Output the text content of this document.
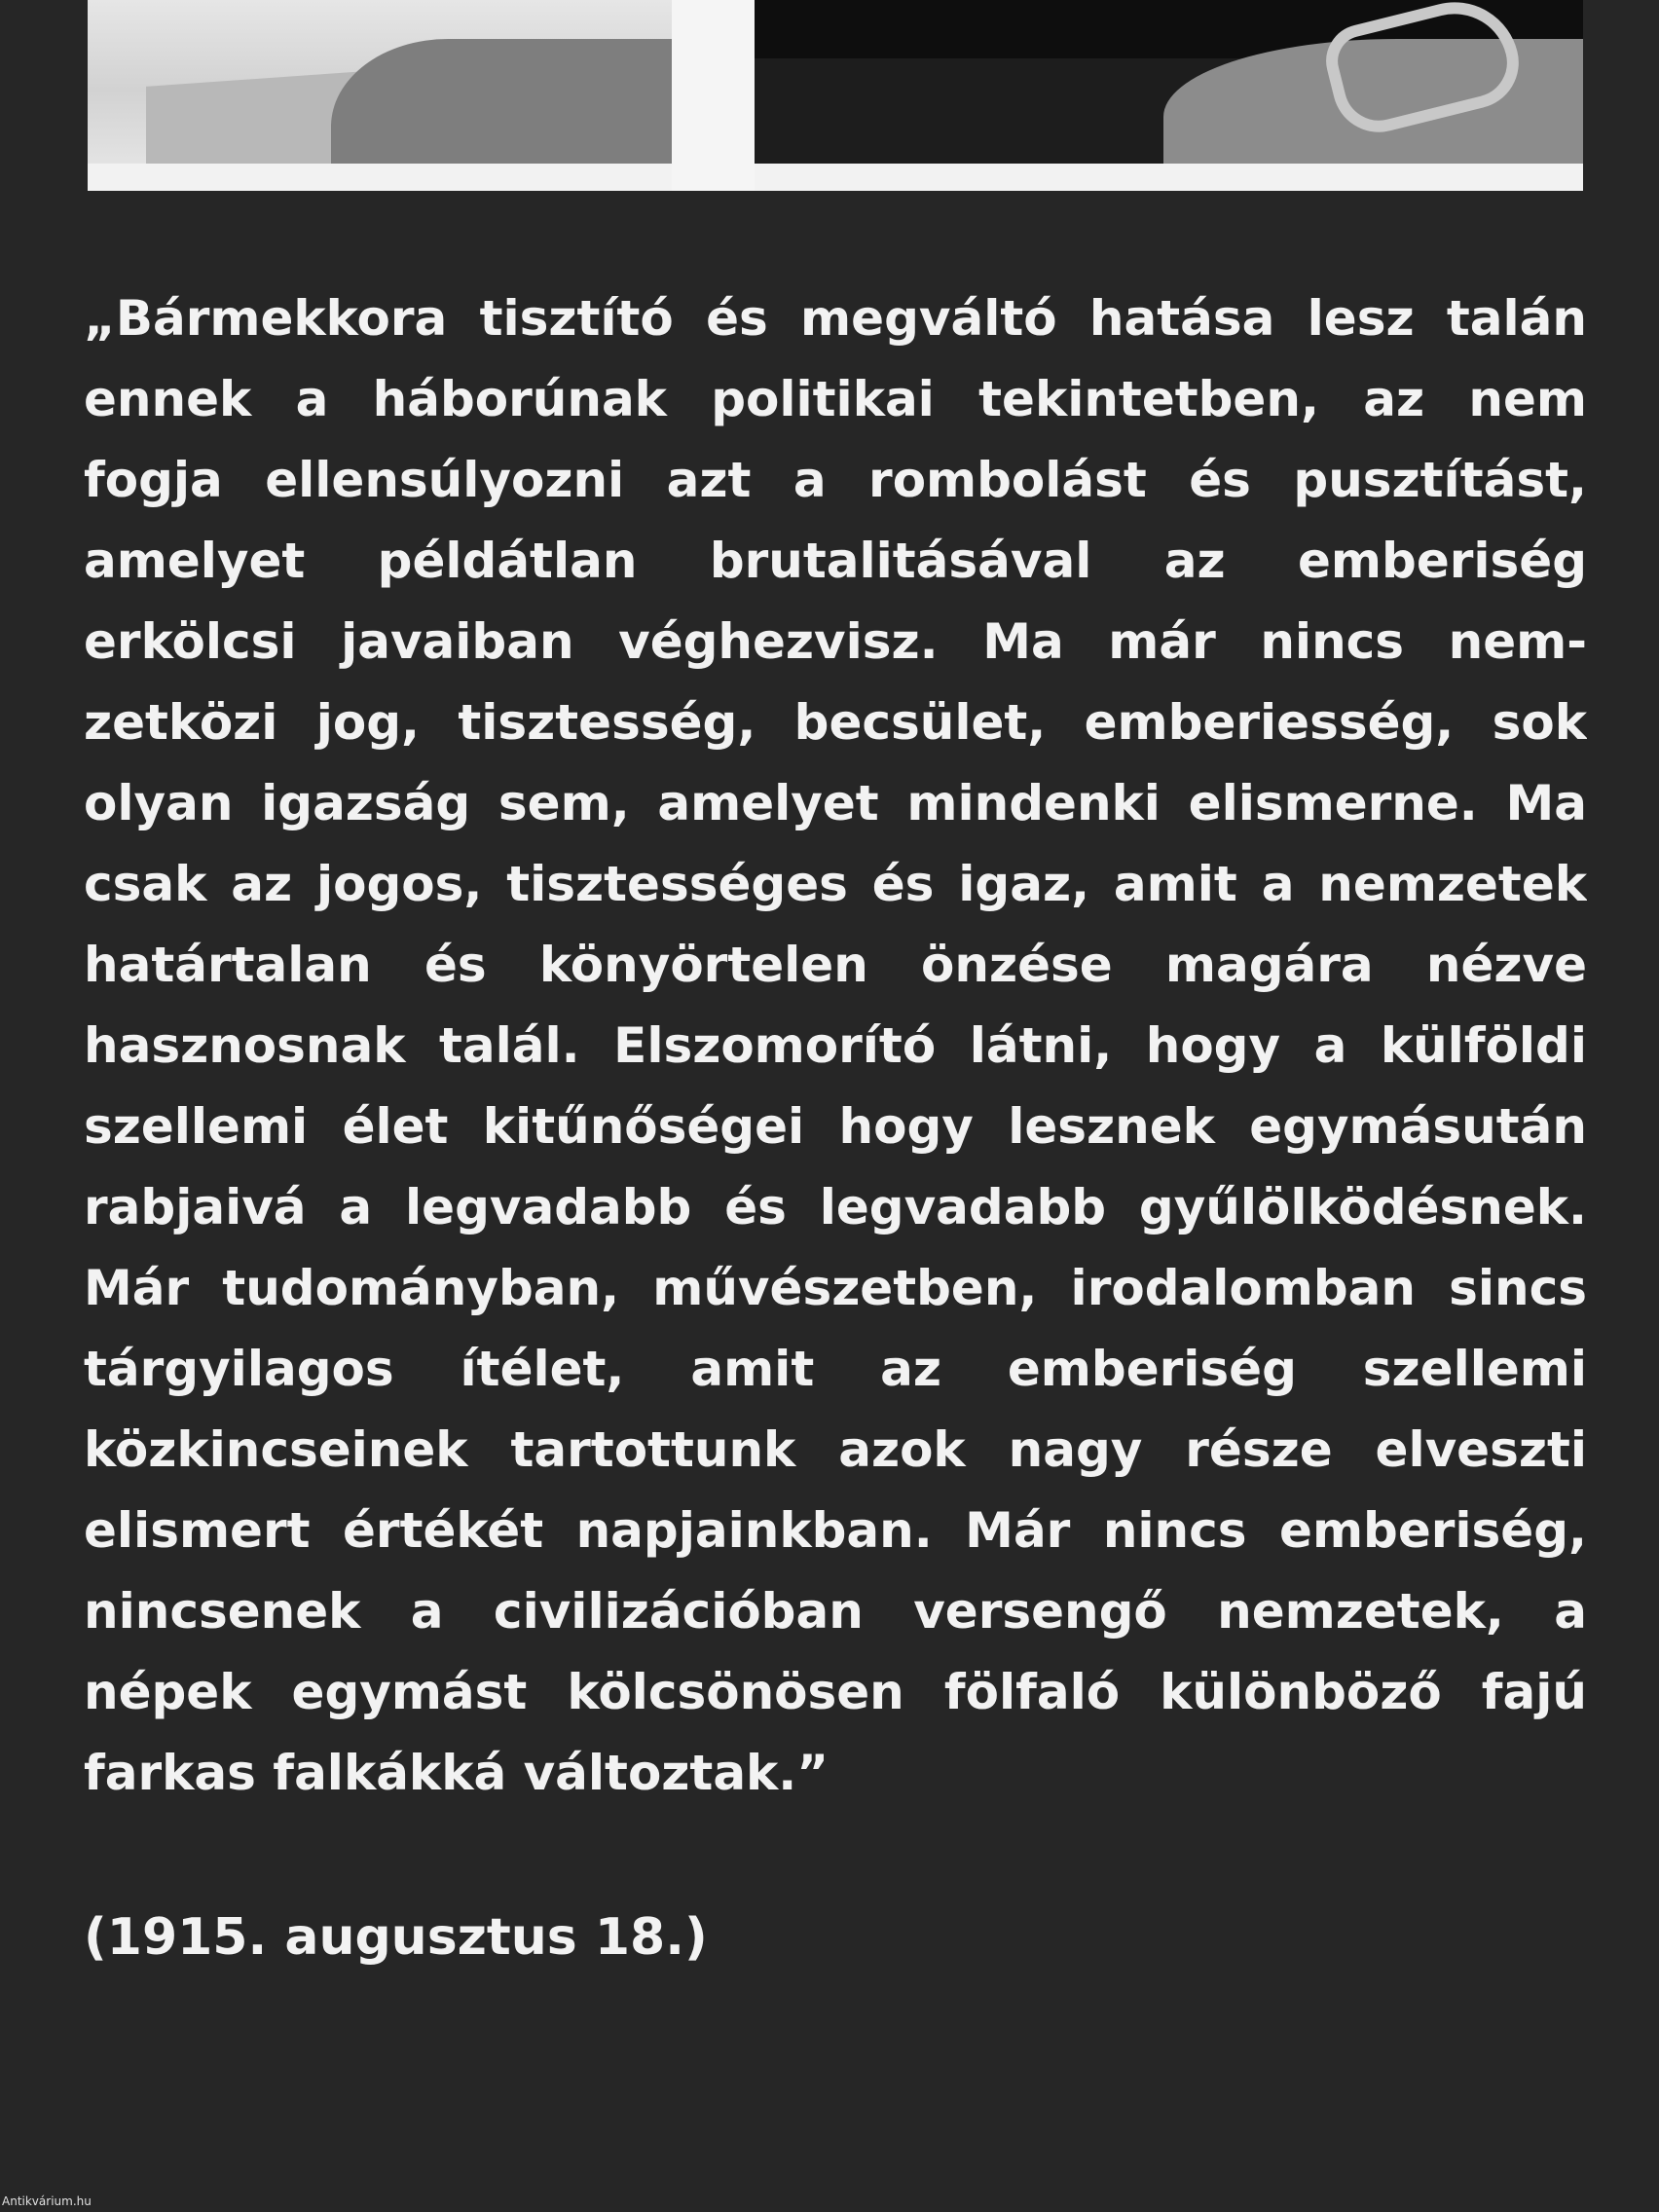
„Bármekkora tisztító és megváltó hatása lesz talán
ennek a háborúnak politikai tekintetben, az nem
fogja ellensúlyozni azt a rombolást és pusztítást,
amelyet példátlan brutalitásával az emberiség
erkölcsi javaiban véghezvisz. Ma már nincs nem-
zetközi jog, tisztesség, becsület, emberiesség, sok
olyan igazság sem, amelyet mindenki elismerne. Ma
csak az jogos, tisztességes és igaz, amit a nemzetek
határtalan és könyörtelen önzése magára nézve
hasznosnak talál. Elszomorító látni, hogy a külföldi
szellemi élet kitűnőségei hogy lesznek egymásután
rabjaivá a legvadabb és legvadabb gyűlölködésnek.
Már tudományban, művészetben, irodalomban sincs
tárgyilagos ítélet, amit az emberiség szellemi
közkincseinek tartottunk azok nagy része elveszti
elismert értékét napjainkban. Már nincs emberiség,
nincsenek a civilizációban versengő nemzetek, a
népek egymást kölcsönösen fölfaló különböző fajú
farkas falkákká változtak.”
(1915. augusztus 18.)
Antikvárium.hu
